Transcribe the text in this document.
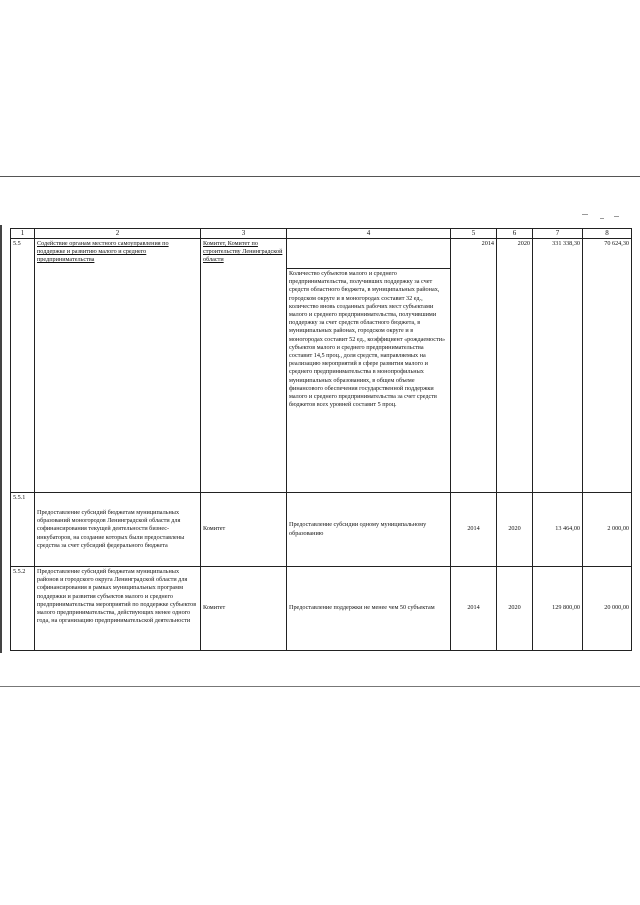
1	2	3	4	5	6	7	8
5.5	Содействие органам местного самоуправления по поддержке и развитию малого и среднего предпринимательства	Комитет, Комитет по строительству Ленинградской области		2014	2020	331 338,30	70 624,30
			Количество субъектов малого и среднего предпринимательства, получивших поддержку за счет средств областного бюджета, в муниципальных районах, городском округе и в моногородах составит 32 ед., количество вновь созданных рабочих мест субъектами малого и среднего предпринимательства, получившими поддержку за счет средств областного бюджета, в муниципальных районах, городском округе и в моногородах составит 52 ед., коэффициент «рождаемости» субъектов малого и среднего предпринимательства составит 14,5 проц., доля средств, направляемых на реализацию мероприятий в сфере развития малого и среднего предпринимательства в монопрофильных муниципальных образованиях, в общем объеме финансового обеспечения государственной поддержки малого и среднего предпринимательства за счет средств бюджетов всех уровней составит 5 проц.				
5.5.1	Предоставление субсидий бюджетам муниципальных образований моногородов Ленинградской области для софинансирования текущей деятельности бизнес-инкубаторов, на создание которых были предоставлены средства за счет субсидий федерального бюджета	Комитет	Предоставление субсидии одному муниципальному образованию	2014	2020	13 464,00	2 000,00
5.5.2	Предоставление субсидий бюджетам муниципальных районов и городского округа Ленинградской области для софинансирования в рамках муниципальных программ поддержки и развития субъектов малого и среднего предпринимательства мероприятий по поддержке субъектов малого предпринимательства, действующих менее одного года, на организацию предпринимательской деятельности	Комитет	Предоставление поддержки не менее чем 50 субъектам	2014	2020	129 800,00	20 000,00
